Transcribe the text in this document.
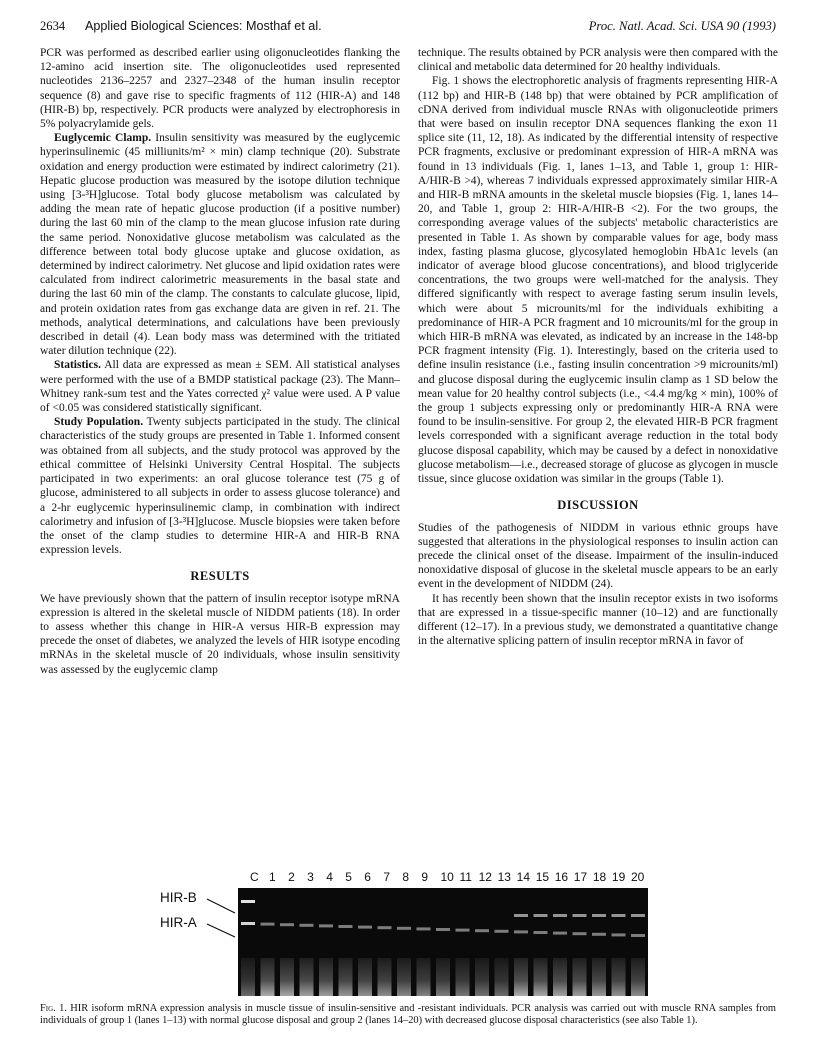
2634 Applied Biological Sciences: Mosthaf et al.	Proc. Natl. Acad. Sci. USA 90 (1993)

PCR was performed as described earlier using oligonucleotides flanking the 12-amino acid insertion site. The oligonucleotides used represented nucleotides 2136–2257 and 2327–2348 of the human insulin receptor sequence (8) and gave rise to specific fragments of 112 (HIR-A) and 148 (HIR-B) bp, respectively. PCR products were analyzed by electrophoresis in 5% polyacrylamide gels.

Euglycemic Clamp. Insulin sensitivity was measured by the euglycemic hyperinsulinemic (45 milliunits/m² × min) clamp technique (20). Substrate oxidation and energy production were estimated by indirect calorimetry (21). Hepatic glucose production was measured by the isotope dilution technique using [3-³H]glucose. Total body glucose metabolism was calculated by adding the mean rate of hepatic glucose production (if a positive number) during the last 60 min of the clamp to the mean glucose infusion rate during the same period. Nonoxidative glucose metabolism was calculated as the difference between total body glucose uptake and glucose oxidation, as determined by indirect calorimetry. Net glucose and lipid oxidation rates were calculated from indirect calorimetric measurements in the basal state and during the last 60 min of the clamp. The constants to calculate glucose, lipid, and protein oxidation rates from gas exchange data are given in ref. 21. The methods, analytical determinations, and calculations have been previously described in detail (4). Lean body mass was determined with the tritiated water dilution technique (22).

Statistics. All data are expressed as mean ± SEM. All statistical analyses were performed with the use of a BMDP statistical package (23). The Mann–Whitney rank-sum test and the Yates corrected χ² value were used. A P value of <0.05 was considered statistically significant.

Study Population. Twenty subjects participated in the study. The clinical characteristics of the study groups are presented in Table 1. Informed consent was obtained from all subjects, and the study protocol was approved by the ethical committee of Helsinki University Central Hospital. The subjects participated in two experiments: an oral glucose tolerance test (75 g of glucose, administered to all subjects in order to assess glucose tolerance) and a 2-hr euglycemic hyperinsulinemic clamp, in combination with indirect calorimetry and infusion of [3-³H]glucose. Muscle biopsies were taken before the onset of the clamp studies to determine HIR-A and HIR-B RNA expression levels.

RESULTS

We have previously shown that the pattern of insulin receptor isotype mRNA expression is altered in the skeletal muscle of NIDDM patients (18). In order to assess whether this change in HIR-A versus HIR-B expression may precede the onset of diabetes, we analyzed the levels of HIR isotype encoding mRNAs in the skeletal muscle of 20 individuals, whose insulin sensitivity was assessed by the euglycemic clamp

technique. The results obtained by PCR analysis were then compared with the clinical and metabolic data determined for 20 healthy individuals.

Fig. 1 shows the electrophoretic analysis of fragments representing HIR-A (112 bp) and HIR-B (148 bp) that were obtained by PCR amplification of cDNA derived from individual muscle RNAs with oligonucleotide primers that were based on insulin receptor DNA sequences flanking the exon 11 splice site (11, 12, 18). As indicated by the differential intensity of respective PCR fragments, exclusive or predominant expression of HIR-A mRNA was found in 13 individuals (Fig. 1, lanes 1–13, and Table 1, group 1: HIR-A/HIR-B >4), whereas 7 individuals expressed approximately similar HIR-A and HIR-B mRNA amounts in the skeletal muscle biopsies (Fig. 1, lanes 14–20, and Table 1, group 2: HIR-A/HIR-B <2). For the two groups, the corresponding average values of the subjects' metabolic characteristics are presented in Table 1. As shown by comparable values for age, body mass index, fasting plasma glucose, glycosylated hemoglobin HbA1c levels (an indicator of average blood glucose concentrations), and blood triglyceride concentrations, the two groups were well-matched for the analysis. They differed significantly with respect to average fasting serum insulin levels, which were about 5 microunits/ml for the individuals exhibiting a predominance of HIR-A PCR fragment and 10 microunits/ml for the group in which HIR-B mRNA was elevated, as indicated by an increase in the 148-bp PCR fragment intensity (Fig. 1). Interestingly, based on the criteria used to define insulin resistance (i.e., fasting insulin concentration >9 microunits/ml) and glucose disposal during the euglycemic insulin clamp as 1 SD below the mean value for 20 healthy control subjects (i.e., <4.4 mg/kg × min), 100% of the group 1 subjects expressing only or predominantly HIR-A RNA were found to be insulin-sensitive. For group 2, the elevated HIR-B PCR fragment levels corresponded with a significant average reduction in the total body glucose disposal capability, which may be caused by a defect in nonoxidative glucose metabolism—i.e., decreased storage of glucose as glycogen in muscle tissue, since glucose oxidation was similar in the groups (Table 1).

DISCUSSION

Studies of the pathogenesis of NIDDM in various ethnic groups have suggested that alterations in the physiological responses to insulin action can precede the clinical onset of the disease. Impairment of the insulin-induced nonoxidative disposal of glucose in the skeletal muscle appears to be an early event in the development of NIDDM (24).

It has recently been shown that the insulin receptor exists in two isoforms that are expressed in a tissue-specific manner (10–12) and are functionally different (12–17). In a previous study, we demonstrated a quantitative change in the alternative splicing pattern of insulin receptor mRNA in favor of

C 1 2 3 4 5 6 7 8 9 10 11 12 13 14 15 16 17 18 19 20
HIR-B
HIR-A
Fig. 1. HIR isoform mRNA expression analysis in muscle tissue of insulin-sensitive and -resistant individuals. PCR analysis was carried out with muscle RNA samples from individuals of group 1 (lanes 1–13) with normal glucose disposal and group 2 (lanes 14–20) with decreased glucose disposal characteristics (see also Table 1).
